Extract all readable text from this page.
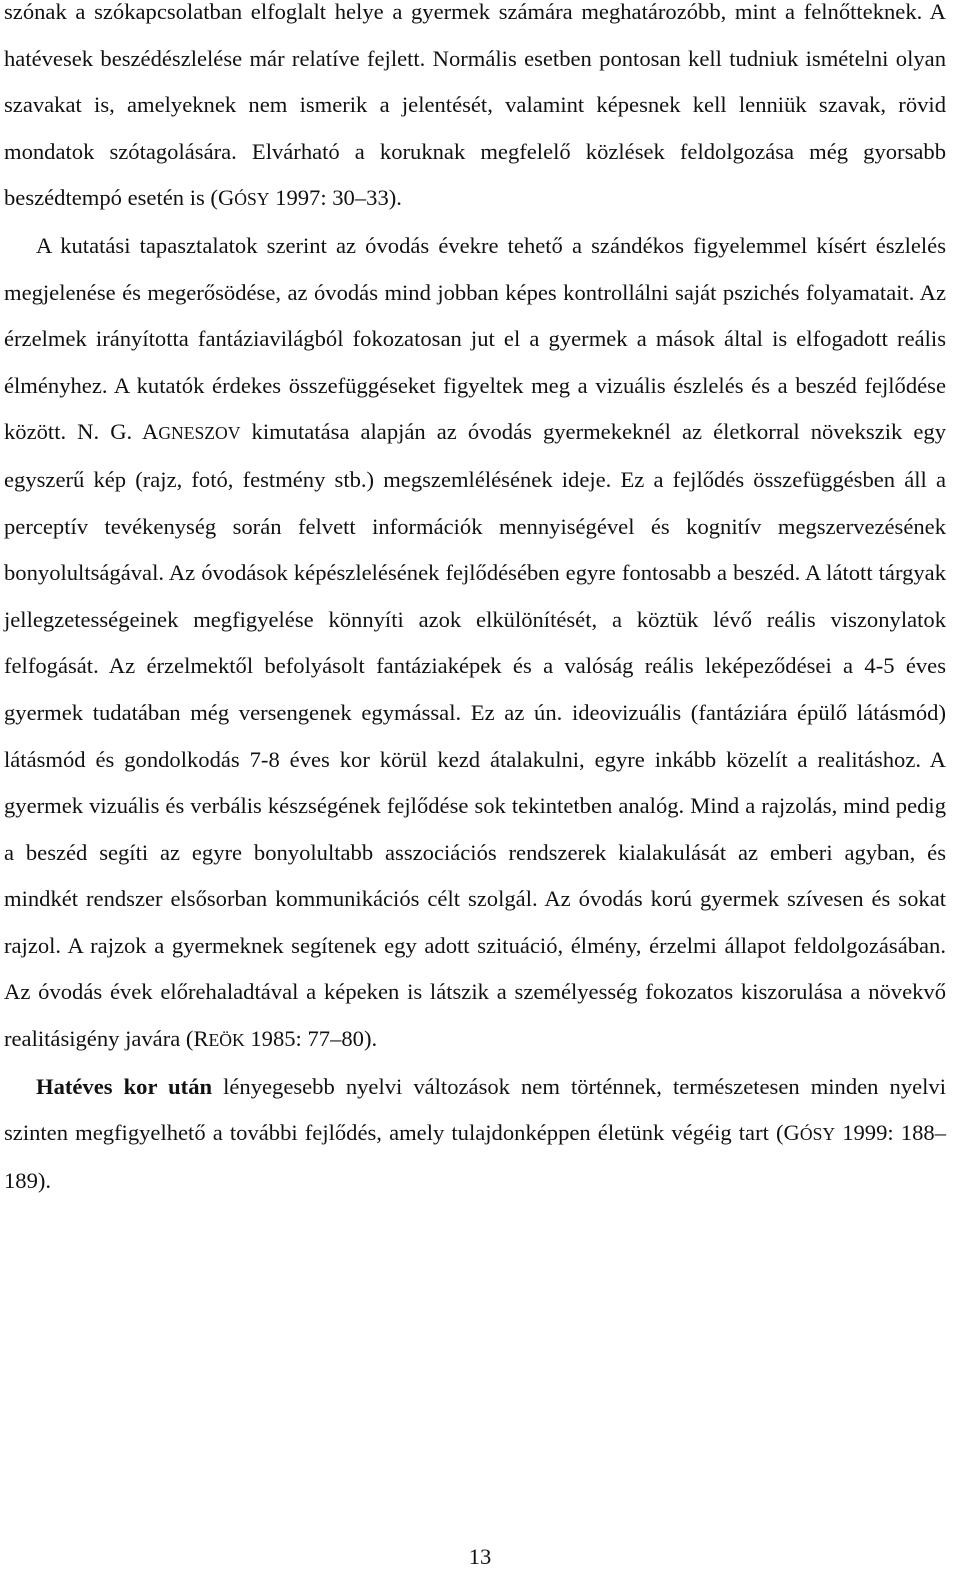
szónak a szókapcsolatban elfoglalt helye a gyermek számára meghatározóbb, mint a felnőtteknek. A hatévesek beszédészlelése már relatíve fejlett. Normális esetben pontosan kell tudniuk ismételni olyan szavakat is, amelyeknek nem ismerik a jelentését, valamint képesnek kell lenniük szavak, rövid mondatok szótagolására. Elvárható a koruknak megfelelő közlések feldolgozása még gyorsabb beszédtempó esetén is (GÓSY 1997: 30‒33).

A kutatási tapasztalatok szerint az óvodás évekre tehető a szándékos figyelemmel kísért észlelés megjelenése és megerősödése, az óvodás mind jobban képes kontrollálni saját pszichés folyamatait. Az érzelmek irányította fantáziavilágból fokozatosan jut el a gyermek a mások által is elfogadott reális élményhez. A kutatók érdekes összefüggéseket figyeltek meg a vizuális észlelés és a beszéd fejlődése között. N. G. AGNESZOV kimutatása alapján az óvodás gyermekeknél az életkorral növekszik egy egyszerű kép (rajz, fotó, festmény stb.) megszemlélésének ideje. Ez a fejlődés összefüggésben áll a perceptív tevékenység során felvett információk mennyiségével és kognitív megszervezésének bonyolultságával. Az óvodások képészlelésének fejlődésében egyre fontosabb a beszéd. A látott tárgyak jellegzetességeinek megfigyelése könnyíti azok elkülönítését, a köztük lévő reális viszonylatok felfogását. Az érzelmektől befolyásolt fantáziaképek és a valóság reális leképeződései a 4-5 éves gyermek tudatában még versengenek egymással. Ez az ún. ideovizuális (fantáziára épülő látásmód) látásmód és gondolkodás 7-8 éves kor körül kezd átalakulni, egyre inkább közelít a realitáshoz. A gyermek vizuális és verbális készségének fejlődése sok tekintetben analóg. Mind a rajzolás, mind pedig a beszéd segíti az egyre bonyolultabb asszociációs rendszerek kialakulását az emberi agyban, és mindkét rendszer elsősorban kommunikációs célt szolgál. Az óvodás korú gyermek szívesen és sokat rajzol. A rajzok a gyermeknek segítenek egy adott szituáció, élmény, érzelmi állapot feldolgozásában. Az óvodás évek előrehaladtával a képeken is látszik a személyesség fokozatos kiszorulása a növekvő realitásigény javára (REÖK 1985: 77‒80).

Hatéves kor után lényegesebb nyelvi változások nem történnek, természetesen minden nyelvi szinten megfigyelhető a további fejlődés, amely tulajdonképpen életünk végéig tart (GÓSY 1999: 188‒189).

13
